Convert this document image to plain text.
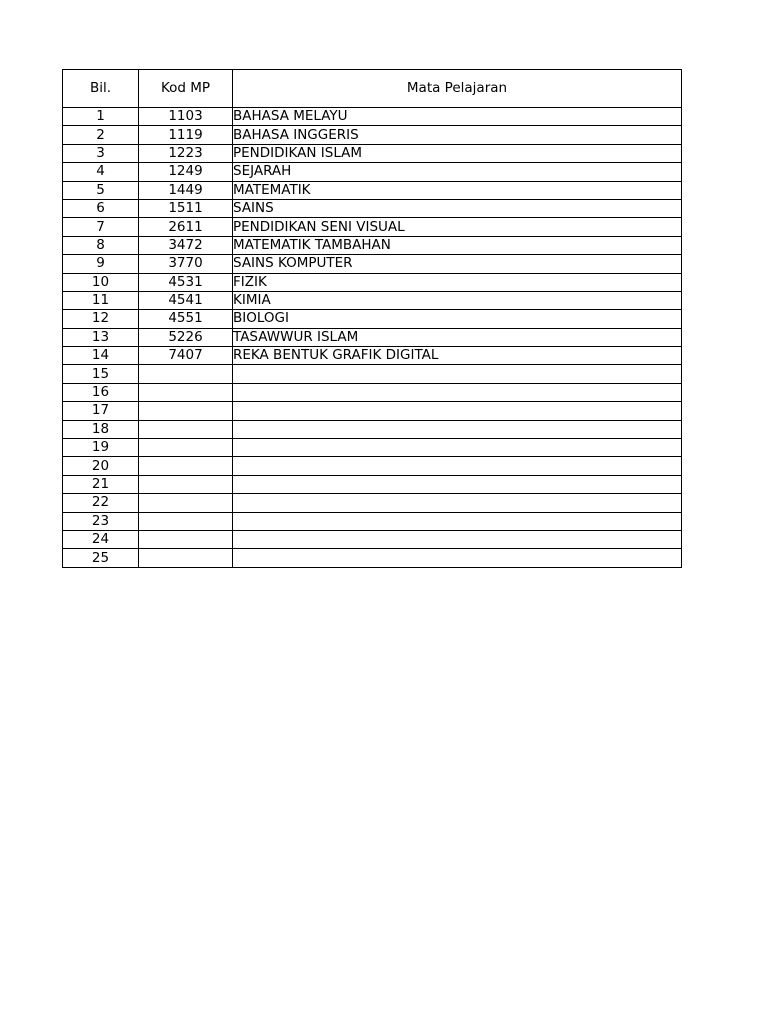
Bil.	Kod MP	Mata Pelajaran
1	1103	BAHASA MELAYU
2	1119	BAHASA INGGERIS
3	1223	PENDIDIKAN ISLAM
4	1249	SEJARAH
5	1449	MATEMATIK
6	1511	SAINS
7	2611	PENDIDIKAN SENI VISUAL
8	3472	MATEMATIK TAMBAHAN
9	3770	SAINS KOMPUTER
10	4531	FIZIK
11	4541	KIMIA
12	4551	BIOLOGI
13	5226	TASAWWUR ISLAM
14	7407	REKA BENTUK GRAFIK DIGITAL
15		
16		
17		
18		
19		
20		
21		
22		
23		
24		
25		
